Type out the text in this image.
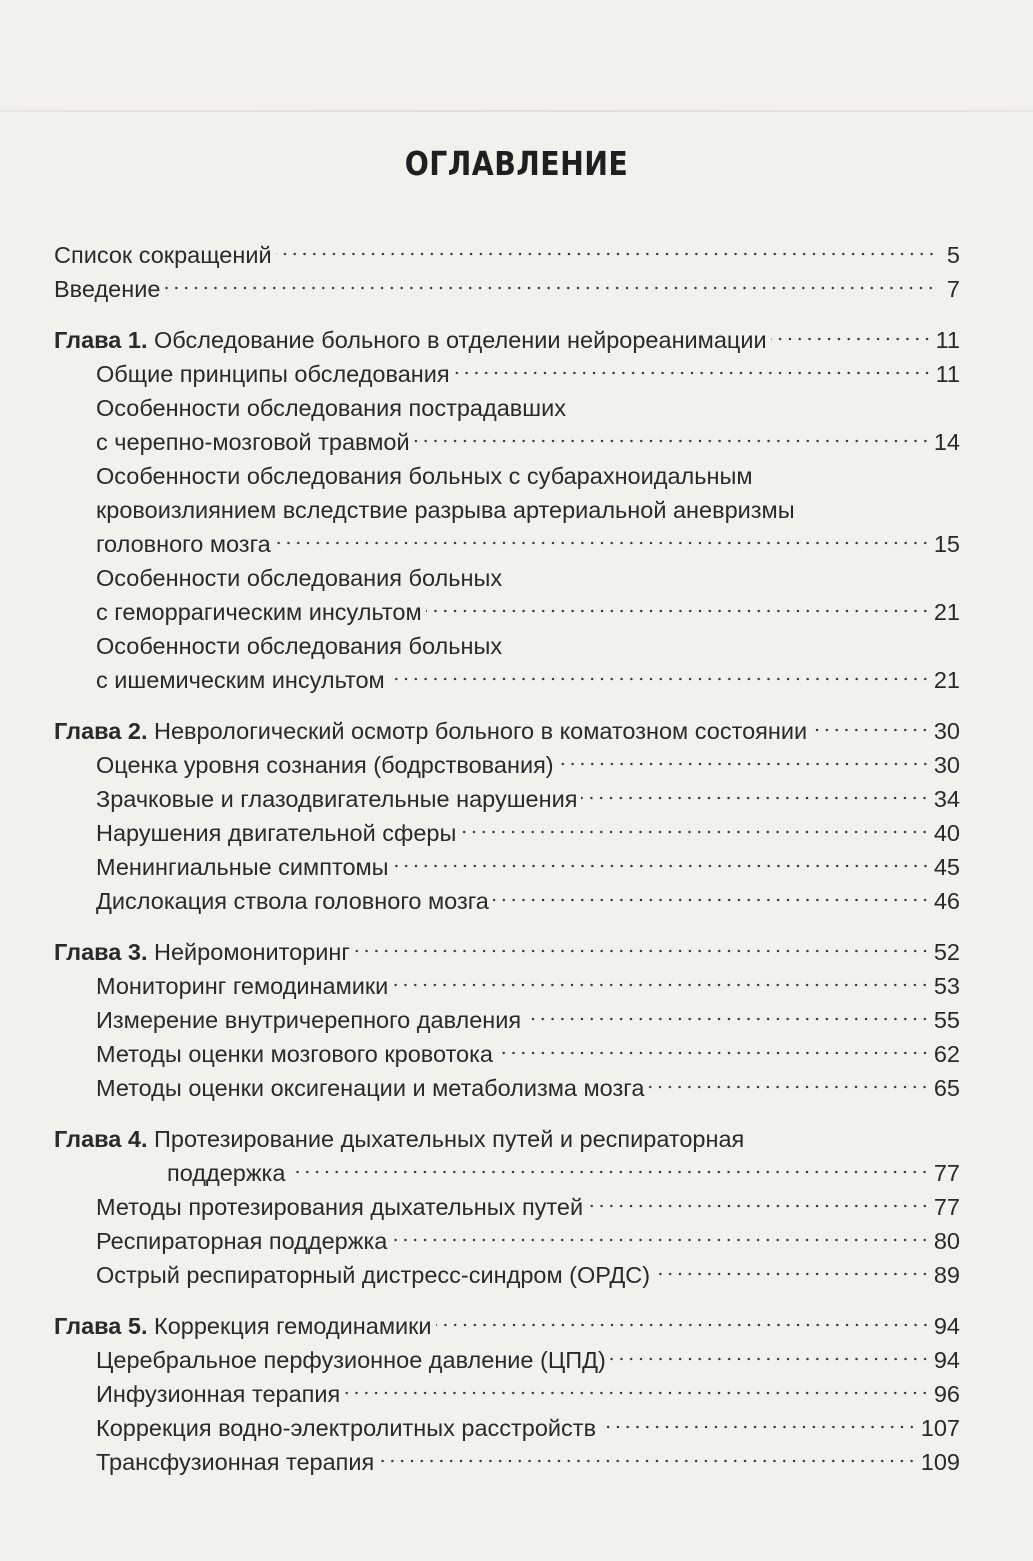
ОГЛАВЛЕНИЕ
Список сокращений	5
Введение	7
Глава 1. Обследование больного в отделении нейрореанимации	11
Общие принципы обследования	11
Особенности обследования пострадавших
с черепно-мозговой травмой	14
Особенности обследования больных с субарахноидальным
кровоизлиянием вследствие разрыва артериальной аневризмы
головного мозга	15
Особенности обследования больных
с геморрагическим инсультом	21
Особенности обследования больных
с ишемическим инсультом	21
Глава 2. Неврологический осмотр больного в коматозном состоянии	30
Оценка уровня сознания (бодрствования)	30
Зрачковые и глазодвигательные нарушения	34
Нарушения двигательной сферы	40
Менингиальные симптомы	45
Дислокация ствола головного мозга	46
Глава 3. Нейромониторинг	52
Мониторинг гемодинамики	53
Измерение внутричерепного давления	55
Методы оценки мозгового кровотока	62
Методы оценки оксигенации и метаболизма мозга	65
Глава 4. Протезирование дыхательных путей и респираторная
поддержка	77
Методы протезирования дыхательных путей	77
Респираторная поддержка	80
Острый респираторный дистресс-синдром (ОРДС)	89
Глава 5. Коррекция гемодинамики	94
Церебральное перфузионное давление (ЦПД)	94
Инфузионная терапия	96
Коррекция водно-электролитных расстройств	107
Трансфузионная терапия	109
